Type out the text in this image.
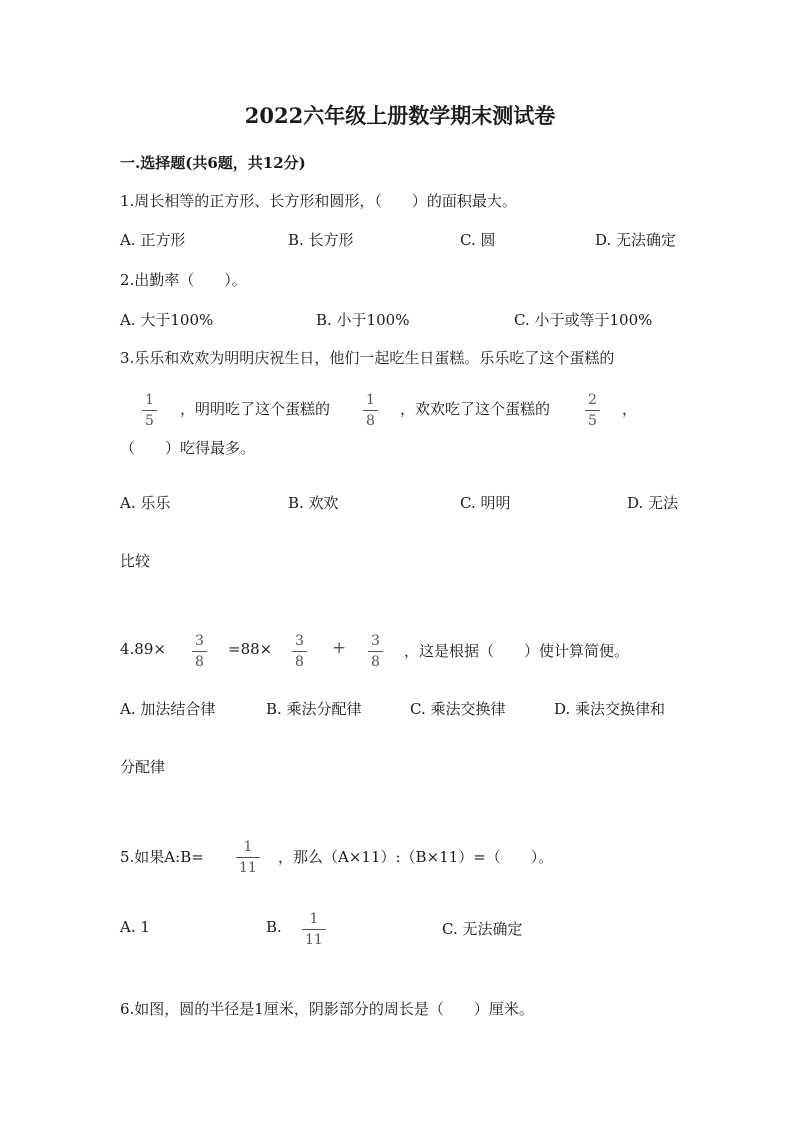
2022六年级上册数学期末测试卷
一.选择题(共6题，共12分)
1.周长相等的正方形、长方形和圆形，（　　）的面积最大。
A. 正方形	B. 长方形	C. 圆	D. 无法确定
2.出勤率（　　）。
A. 大于100%	B. 小于100%	C. 小于或等于100%
3.乐乐和欢欢为明明庆祝生日，他们一起吃生日蛋糕。乐乐吃了这个蛋糕的
1
5
，明明吃了这个蛋糕的	1
8
，欢欢吃了这个蛋糕的	2
5
，
（　　）吃得最多。
A. 乐乐	B. 欢欢	C. 明明	D. 无法
比较
4.89× 3
8
=88× 3
8
+ 3
8
，这是根据（　　）使计算简便。
A. 加法结合律	B. 乘法分配律	C. 乘法交换律	D. 乘法交换律和
分配律
5.如果A:B=
1
11
，那么（A×11）:（B×11）=（　　）。
A. 1	B. 1
11
C. 无法确定
6.如图，圆的半径是1厘米，阴影部分的周长是（　　）厘米。
